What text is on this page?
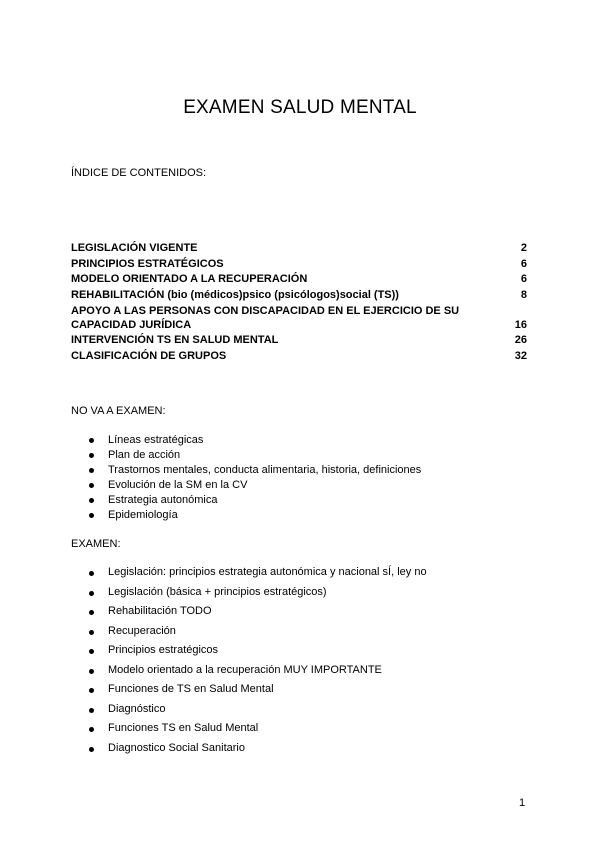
EXAMEN SALUD MENTAL
ÍNDICE DE CONTENIDOS:
LEGISLACIÓN VIGENTE	2
PRINCIPIOS ESTRATÉGICOS	6
MODELO ORIENTADO A LA RECUPERACIÓN	6
REHABILITACIÓN (bio (médicos)psico (psicólogos)social (TS))	8
APOYO A LAS PERSONAS CON DISCAPACIDAD EN EL EJERCICIO DE SU CAPACIDAD JURÍDICA	16
INTERVENCIÓN TS EN SALUD MENTAL	26
CLASIFICACIÓN DE GRUPOS	32
NO VA A EXAMEN:
Líneas estratégicas
Plan de acción
Trastornos mentales, conducta alimentaria, historia, definiciones
Evolución de la SM en la CV
Estrategia autonómica
Epidemiología
EXAMEN:
Legislación: principios estrategia autonómica y nacional sÍ, ley no
Legislación (básica + principios estratégicos)
Rehabilitación TODO
Recuperación
Principios estratégicos
Modelo orientado a la recuperación MUY IMPORTANTE
Funciones de TS en Salud Mental
Diagnóstico
Funciones TS en Salud Mental
Diagnostico Social Sanitario
1
